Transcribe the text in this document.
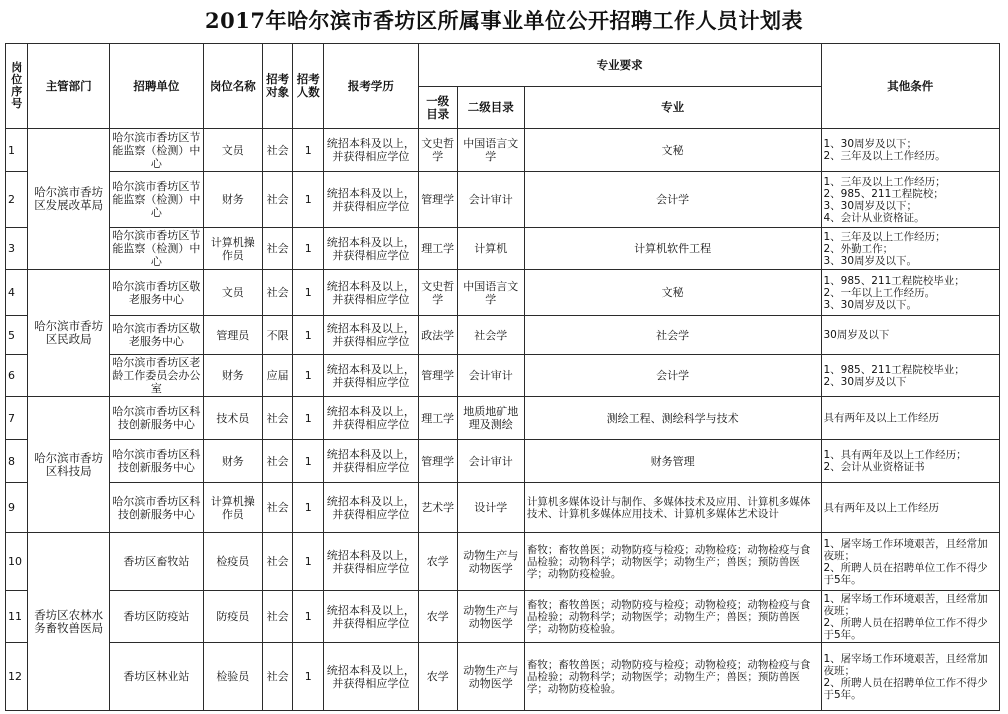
2017年哈尔滨市香坊区所属事业单位公开招聘工作人员计划表
岗位序号	主管部门	招聘单位	岗位名称	招考对象	招考人数	报考学历	专业要求			其他条件
							一级目录	二级目录	专业	
1	哈尔滨市香坊区发展改革局	哈尔滨市香坊区节能监察（检测）中心	文员	社会	1	统招本科及以上，并获得相应学位	文史哲学	中国语言文学	文秘	1、30周岁及以下；
2、三年及以上工作经历。
2		哈尔滨市香坊区节能监察（检测）中心	财务	社会	1	统招本科及以上，并获得相应学位	管理学	会计审计	会计学	1、三年及以上工作经历；
2、985、211工程院校；
3、30周岁及以下；
4、会计从业资格证。
3		哈尔滨市香坊区节能监察（检测）中心	计算机操作员	社会	1	统招本科及以上，并获得相应学位	理工学	计算机	计算机软件工程	1、三年及以上工作经历；
2、外勤工作；
3、30周岁及以下。
4	哈尔滨市香坊区民政局	哈尔滨市香坊区敬老服务中心	文员	社会	1	统招本科及以上，并获得相应学位	文史哲学	中国语言文学	文秘	1、985、211工程院校毕业；
2、一年以上工作经历。
3、30周岁及以下。
5		哈尔滨市香坊区敬老服务中心	管理员	不限	1	统招本科及以上，并获得相应学位	政法学	社会学	社会学	30周岁及以下
6		哈尔滨市香坊区老龄工作委员会办公室	财务	应届	1	统招本科及以上，并获得相应学位	管理学	会计审计	会计学	1、985、211工程院校毕业；
2、30周岁及以下
7	哈尔滨市香坊区科技局	哈尔滨市香坊区科技创新服务中心	技术员	社会	1	统招本科及以上，并获得相应学位	理工学	地质地矿地理及测绘	测绘工程、测绘科学与技术	具有两年及以上工作经历
8		哈尔滨市香坊区科技创新服务中心	财务	社会	1	统招本科及以上，并获得相应学位	管理学	会计审计	财务管理	1、具有两年及以上工作经历；
2、会计从业资格证书
9		哈尔滨市香坊区科技创新服务中心	计算机操作员	社会	1	统招本科及以上，并获得相应学位	艺术学	设计学	计算机多媒体设计与制作、多媒体技术及应用、计算机多媒体技术、计算机多媒体应用技术、计算机多媒体艺术设计	具有两年及以上工作经历
10	香坊区农林水务畜牧兽医局	香坊区畜牧站	检疫员	社会	1	统招本科及以上，并获得相应学位	农学	动物生产与动物医学	畜牧；畜牧兽医；动物防疫与检疫；动物检疫；动物检疫与食品检验；动物科学；动物医学；动物生产；兽医；预防兽医学；动物防疫检验。	1、屠宰场工作环境艰苦，且经常加夜班；
2、所聘人员在招聘单位工作不得少于5年。
11		香坊区防疫站	防疫员	社会	1	统招本科及以上，并获得相应学位	农学	动物生产与动物医学	畜牧；畜牧兽医；动物防疫与检疫；动物检疫；动物检疫与食品检验；动物科学；动物医学；动物生产；兽医；预防兽医学；动物防疫检验。	1、屠宰场工作环境艰苦，且经常加夜班；
2、所聘人员在招聘单位工作不得少于5年。
12		香坊区林业站	检验员	社会	1	统招本科及以上，并获得相应学位	农学	动物生产与动物医学	畜牧；畜牧兽医；动物防疫与检疫；动物检疫；动物检疫与食品检验；动物科学；动物医学；动物生产；兽医；预防兽医学；动物防疫检验。	1、屠宰场工作环境艰苦，且经常加夜班；
2、所聘人员在招聘单位工作不得少于5年。
